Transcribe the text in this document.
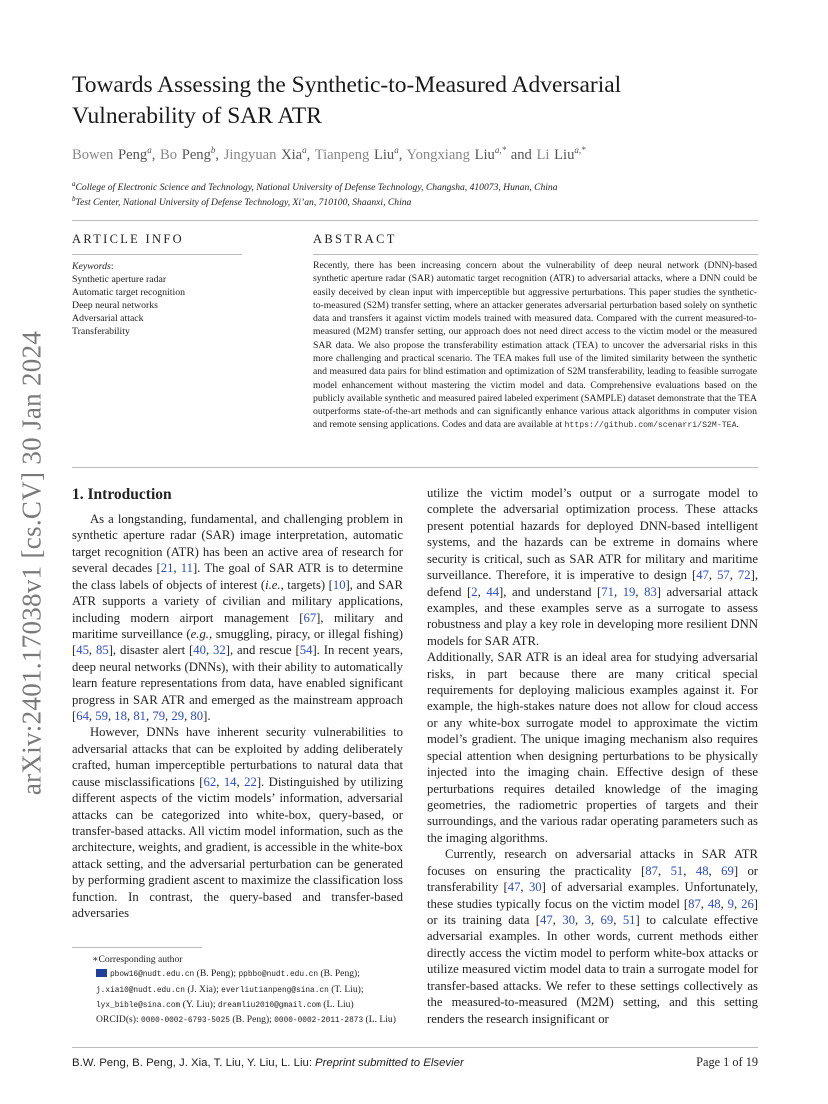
arXiv:2401.17038v1 [cs.CV] 30 Jan 2024
Towards Assessing the Synthetic-to-Measured Adversarial
Vulnerability of SAR ATR
Bowen Peng$^a$, Bo Peng$^b$, Jingyuan Xia$^a$, Tianpeng Liu$^a$, Yongxiang Liu$^{a,*}$ and Li Liu$^{a,*}$
$^a$College of Electronic Science and Technology, National University of Defense Technology, Changsha, 410073, Hunan, China
$^b$Test Center, National University of Defense Technology, Xi’an, 710100, Shaanxi, China
ARTICLE INFO
Keywords:
Synthetic aperture radar
Automatic target recognition
Deep neural networks
Adversarial attack
Transferability
ABSTRACT
Recently, there has been increasing concern about the vulnerability of deep neural network (DNN)-based synthetic aperture radar (SAR) automatic target recognition (ATR) to adversarial attacks, where a DNN could be easily deceived by clean input with imperceptible but aggressive perturbations. This paper studies the synthetic-to-measured (S2M) transfer setting, where an attacker generates adversarial perturbation based solely on synthetic data and transfers it against victim models trained with measured data. Compared with the current measured-to-measured (M2M) transfer setting, our approach does not need direct access to the victim model or the measured SAR data. We also propose the transferability estimation attack (TEA) to uncover the adversarial risks in this more challenging and practical scenario. The TEA makes full use of the limited similarity between the synthetic and measured data pairs for blind estimation and optimization of S2M transferability, leading to feasible surrogate model enhancement without mastering the victim model and data. Comprehensive evaluations based on the publicly available synthetic and measured paired labeled experiment (SAMPLE) dataset demonstrate that the TEA outperforms state-of-the-art methods and can significantly enhance various attack algorithms in computer vision and remote sensing applications. Codes and data are available at https://github.com/scenarri/S2M-TEA.
1. Introduction

As a longstanding, fundamental, and challenging problem in synthetic aperture radar (SAR) image interpretation, automatic target recognition (ATR) has been an active area of research for several decades [21, 11]. The goal of SAR ATR is to determine the class labels of objects of interest (i.e., targets) [10], and SAR ATR supports a variety of civilian and military applications, including modern airport management [67], military and maritime surveillance (e.g., smuggling, piracy, or illegal fishing) [45, 85], disaster alert [40, 32], and rescue [54]. In recent years, deep neural networks (DNNs), with their ability to automatically learn feature representations from data, have enabled significant progress in SAR ATR and emerged as the mainstream approach [64, 59, 18, 81, 79, 29, 80].

However, DNNs have inherent security vulnerabilities to adversarial attacks that can be exploited by adding deliberately crafted, human imperceptible perturbations to natural data that cause misclassifications [62, 14, 22]. Distinguished by utilizing different aspects of the victim models’ information, adversarial attacks can be categorized into white-box, query-based, or transfer-based attacks. All victim model information, such as the architecture, weights, and gradient, is accessible in the white-box attack setting, and the adversarial perturbation can be generated by performing gradient ascent to maximize the classification loss function. In contrast, the query-based and transfer-based adversaries

utilize the victim model’s output or a surrogate model to complete the adversarial optimization process. These attacks present potential hazards for deployed DNN-based intelligent systems, and the hazards can be extreme in domains where security is critical, such as SAR ATR for military and maritime surveillance. Therefore, it is imperative to design [47, 57, 72], defend [2, 44], and understand [71, 19, 83] adversarial attack examples, and these examples serve as a surrogate to assess robustness and play a key role in developing more resilient DNN models for SAR ATR.

Additionally, SAR ATR is an ideal area for studying adversarial risks, in part because there are many critical special requirements for deploying malicious examples against it. For example, the high-stakes nature does not allow for cloud access or any white-box surrogate model to approximate the victim model’s gradient. The unique imaging mechanism also requires special attention when designing perturbations to be physically injected into the imaging chain. Effective design of these perturbations requires detailed knowledge of the imaging geometries, the radiometric properties of targets and their surroundings, and the various radar operating parameters such as the imaging algorithms.

Currently, research on adversarial attacks in SAR ATR focuses on ensuring the practicality [87, 51, 48, 69] or transferability [47, 30] of adversarial examples. Unfortunately, these studies typically focus on the victim model [87, 48, 9, 26] or its training data [47, 30, 3, 69, 51] to calculate effective adversarial examples. In other words, current methods either directly access the victim model to perform white-box attacks or utilize measured victim model data to train a surrogate model for transfer-based attacks. We refer to these settings collectively as the measured-to-measured (M2M) setting, and this setting renders the research insignificant or

∗Corresponding author
pbow16@nudt.edu.cn (B. Peng); ppbbo@nudt.edu.cn (B. Peng); j.xia10@nudt.edu.cn (J. Xia); everliutianpeng@sina.cn (T. Liu); lyx_bible@sina.com (Y. Liu); dreamliu2010@gmail.com (L. Liu)
ORCID(s): 0000-0002-6793-5025 (B. Peng); 0000-0002-2011-2873 (L. Liu)
B.W. Peng, B. Peng, J. Xia, T. Liu, Y. Liu, L. Liu: Preprint submitted to Elsevier	Page 1 of 19
